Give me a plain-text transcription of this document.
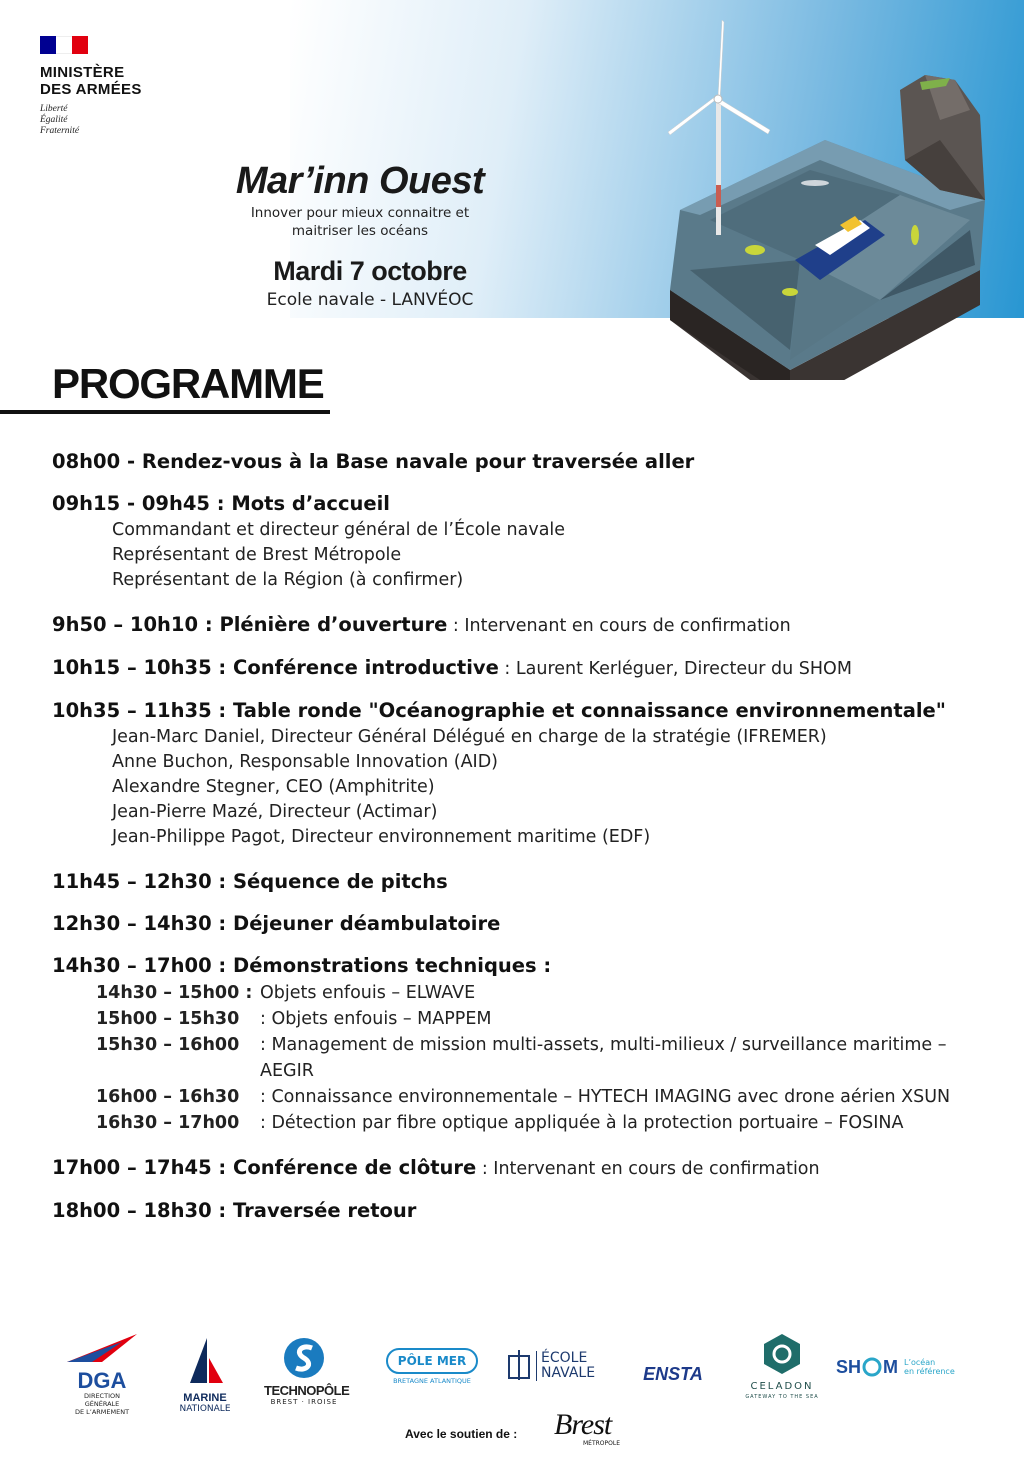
MINISTÈRE
DES ARMÉES
Liberté
Égalité
Fraternité
Mar’inn Ouest
Innover pour mieux connaitre et
maitriser les océans
Mardi 7 octobre
Ecole navale - LANVÉOC
PROGRAMME
08h00 - Rendez-vous à la Base navale pour traversée aller
09h15 - 09h45 : Mots d’accueil
Commandant et directeur général de l’École navale
Représentant de Brest Métropole
Représentant de la Région (à confirmer)
9h50 – 10h10 : Plénière d’ouverture : Intervenant en cours de confirmation
10h15 – 10h35 : Conférence introductive : Laurent Kerléguer, Directeur du SHOM
10h35 – 11h35 : Table ronde "Océanographie et connaissance environnementale"
Jean-Marc Daniel, Directeur Général Délégué en charge de la stratégie (IFREMER)
Anne Buchon, Responsable Innovation (AID)
Alexandre Stegner, CEO (Amphitrite)
Jean-Pierre Mazé, Directeur (Actimar)
Jean-Philippe Pagot, Directeur environnement maritime (EDF)
11h45 – 12h30 : Séquence de pitchs
12h30 – 14h30 : Déjeuner déambulatoire
14h30 – 17h00 : Démonstrations techniques :
14h30 – 15h00 : Objets enfouis – ELWAVE
15h00 – 15h30	: Objets enfouis – MAPPEM
15h30 – 16h00	: Management de mission multi-assets, multi-milieux / surveillance maritime – AEGIR
16h00 – 16h30	: Connaissance environnementale – HYTECH IMAGING avec drone aérien XSUN
16h30 – 17h00	: Détection par fibre optique appliquée à la protection portuaire – FOSINA
17h00 – 17h45 : Conférence de clôture : Intervenant en cours de confirmation
18h00 – 18h30 : Traversée retour
DGA
DIRECTION
GÉNÉRALE
DE L’ARMEMENT
MARINE
NATIONALE
TECHNOPÔLE
BREST · IROISE
PÔLE MER
BRETAGNE ATLANTIQUE
ÉCOLE
NAVALE	ENSTA
CELADON
GATEWAY TO THE SEA
SH M L’océan
en référence
Avec le soutien de : Brest
MÉTROPOLE
